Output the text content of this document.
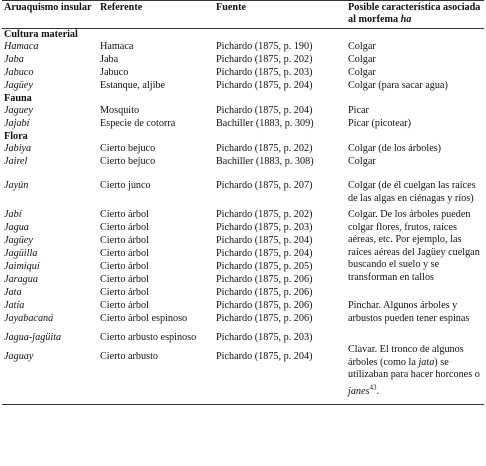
Aruaquismo insular	Referente	Fuente	Posible característica asociada al morfema ha
Cultura material			
Hamaca	Hamaca	Pichardo (1875, p. 190)	Colgar
Jaba	Jaba	Pichardo (1875, p. 202)	Colgar
Jabuco	Jabuco	Pichardo (1875, p. 203)	Colgar
Jagüey	Estanque, aljibe	Pichardo (1875, p. 204)	Colgar (para sacar agua)
Fauna			
Jaguey	Mosquito	Pichardo (1875, p. 204)	Picar
Jajabí	Especie de cotorra	Bachiller (1883, p. 309)	Picar (picotear)
Flora			
Jabiya	Cierto bejuco	Pichardo (1875, p. 202)	Colgar (de los árboles)
Jairel	Cierto bejuco	Bachiller (1883, p. 308)	Colgar
Jayún	Cierto junco	Pichardo (1875, p. 207)	Colgar (de él cuelgan las raíces de las algas en ciénagas y ríos)
Jabí	Cierto árbol	Pichardo (1875, p. 202)	Colgar. De los árboles pueden colgar flores, frutos, raíces aéreas, etc. Por ejemplo, las raíces aéreas del Jagüey cuelgan buscando el suelo y se transforman en tallos
Jagua	Cierto árbol	Pichardo (1875, p. 203)	
Jagüey	Cierto árbol	Pichardo (1875, p. 204)	
Jagüilla	Cierto árbol	Pichardo (1875, p. 204)	
Jaimiquí	Cierto árbol	Pichardo (1875, p. 205)	
Jaragua	Cierto árbol	Pichardo (1875, p. 206)	
Jata	Cierto árbol	Pichardo (1875, p. 206)	
Jatía	Cierto árbol	Pichardo (1875, p. 206)	Pinchar. Algunos árboles y arbustos pueden tener espinas
Jayabacaná	Cierto árbol espinoso	Pichardo (1875, p. 206)	
Jagua-jagüita	Cierto arbusto espinoso	Pichardo (1875, p. 203)	
Jaguay	Cierto arbusto	Pichardo (1875, p. 204)	Clavar. El tronco de algunos árboles (como la jata) se utilizaban para hacer horcones o janes$^{43}$.
